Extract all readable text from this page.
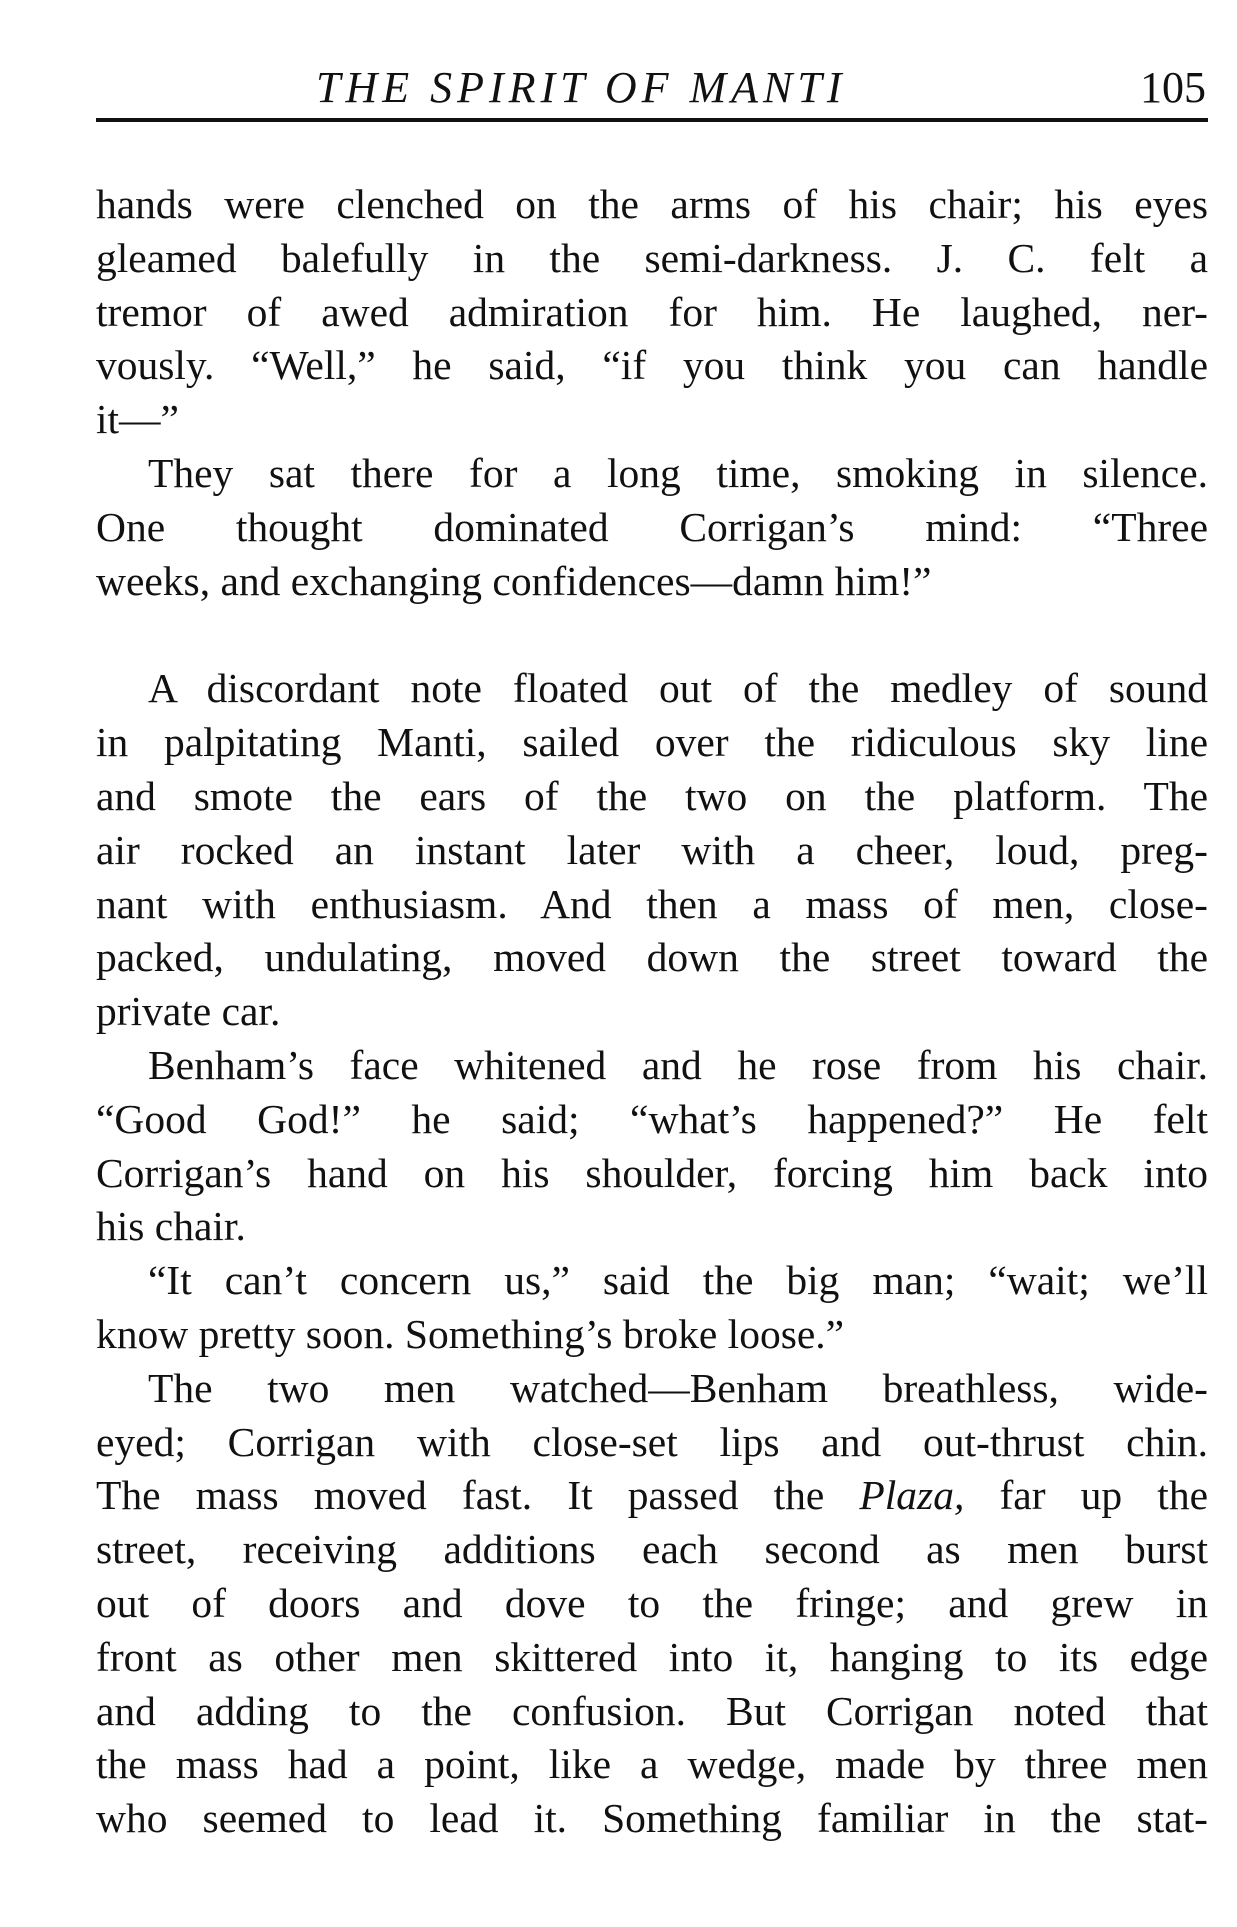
THE SPIRIT OF MANTI	105
hands were clenched on the arms of his chair; his eyes
gleamed balefully in the semi-darkness. J. C. felt a
tremor of awed admiration for him. He laughed, ner-
vously. “Well,” he said, “if you think you can handle
it—”
They sat there for a long time, smoking in silence.
One thought dominated Corrigan’s mind: “Three
weeks, and exchanging confidences—damn him!”
A discordant note floated out of the medley of sound
in palpitating Manti, sailed over the ridiculous sky line
and smote the ears of the two on the platform. The
air rocked an instant later with a cheer, loud, preg-
nant with enthusiasm. And then a mass of men, close-
packed, undulating, moved down the street toward the
private car.
Benham’s face whitened and he rose from his chair.
“Good God!” he said; “what’s happened?” He felt
Corrigan’s hand on his shoulder, forcing him back into
his chair.
“It can’t concern us,” said the big man; “wait; we’ll
know pretty soon. Something’s broke loose.”
The two men watched—Benham breathless, wide-
eyed; Corrigan with close-set lips and out-thrust chin.
The mass moved fast. It passed the Plaza, far up the
street, receiving additions each second as men burst
out of doors and dove to the fringe; and grew in
front as other men skittered into it, hanging to its edge
and adding to the confusion. But Corrigan noted that
the mass had a point, like a wedge, made by three men
who seemed to lead it. Something familiar in the stat-
